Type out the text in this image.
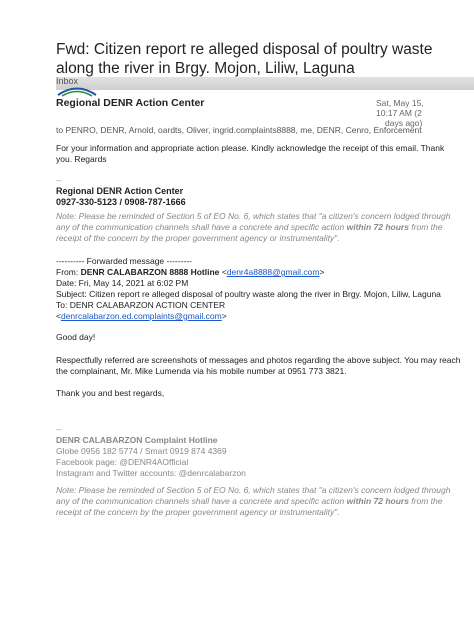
Fwd: Citizen report re alleged disposal of poultry waste along the river in Brgy. Mojon, Liliw, Laguna
Inbox
Regional DENR Action Center	Sat, May 15,
10:17 AM (2
days ago)
to PENRO, DENR, Arnold, oardts, Oliver, ingrid.complaints8888, me, DENR, Cenro, Enforcement
For your information and appropriate action please. Kindly acknowledge the receipt of this email. Thank you. Regards
--
Regional DENR Action Center
0927-330-5123 / 0908-787-1666
Note: Please be reminded of Section 5 of EO No. 6, which states that "a citizen's concern lodged through any of the communication channels shall have a concrete and specific action within 72 hours from the receipt of the concern by the proper government agency or instrumentality".
---------- Forwarded message ---------
From: DENR CALABARZON 8888 Hotline <denr4a8888@gmail.com>
Date: Fri, May 14, 2021 at 6:02 PM
Subject: Citizen report re alleged disposal of poultry waste along the river in Brgy. Mojon, Liliw, Laguna
To: DENR CALABARZON ACTION CENTER
<denrcalabarzon.ed.complaints@gmail.com>
Good day!
Respectfully referred are screenshots of messages and photos regarding the above subject. You may reach the complainant, Mr. Mike Lumenda via his mobile number at 0951 773 3821.
Thank you and best regards,
--
DENR CALABARZON Complaint Hotline
Globe 0956 182 5774 / Smart 0919 874 4369
Facebook page: @DENR4AOfficial
Instagram and Twitter accounts: @denrcalabarzon
Note: Please be reminded of Section 5 of EO No. 6, which states that "a citizen's concern lodged through any of the communication channels shall have a concrete and specific action within 72 hours from the receipt of the concern by the proper government agency or instrumentality".
